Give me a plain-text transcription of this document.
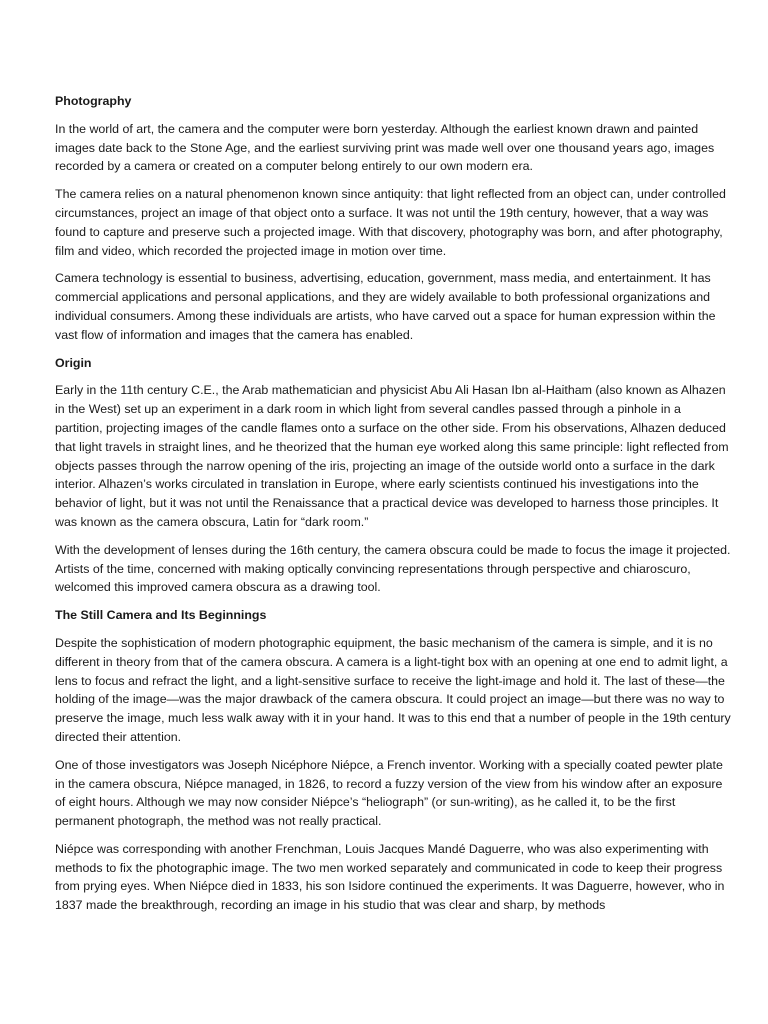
Photography

In the world of art, the camera and the computer were born yesterday. Although the earliest known drawn and painted images date back to the Stone Age, and the earliest surviving print was made well over one thousand years ago, images recorded by a camera or created on a computer belong entirely to our own modern era.

The camera relies on a natural phenomenon known since antiquity: that light reflected from an object can, under controlled circumstances, project an image of that object onto a surface. It was not until the 19th century, however, that a way was found to capture and preserve such a projected image. With that discovery, photography was born, and after photography, film and video, which recorded the projected image in motion over time.

Camera technology is essential to business, advertising, education, government, mass media, and entertainment. It has commercial applications and personal applications, and they are widely available to both professional organizations and individual consumers. Among these individuals are artists, who have carved out a space for human expression within the vast flow of information and images that the camera has enabled.

Origin

Early in the 11th century C.E., the Arab mathematician and physicist Abu Ali Hasan Ibn al-Haitham (also known as Alhazen in the West) set up an experiment in a dark room in which light from several candles passed through a pinhole in a partition, projecting images of the candle flames onto a surface on the other side. From his observations, Alhazen deduced that light travels in straight lines, and he theorized that the human eye worked along this same principle: light reflected from objects passes through the narrow opening of the iris, projecting an image of the outside world onto a surface in the dark interior. Alhazen’s works circulated in translation in Europe, where early scientists continued his investigations into the behavior of light, but it was not until the Renaissance that a practical device was developed to harness those principles. It was known as the camera obscura, Latin for “dark room.”

With the development of lenses during the 16th century, the camera obscura could be made to focus the image it projected. Artists of the time, concerned with making optically convincing representations through perspective and chiaroscuro, welcomed this improved camera obscura as a drawing tool.

The Still Camera and Its Beginnings

Despite the sophistication of modern photographic equipment, the basic mechanism of the camera is simple, and it is no different in theory from that of the camera obscura. A camera is a light-tight box with an opening at one end to admit light, a lens to focus and refract the light, and a light-sensitive surface to receive the light-image and hold it. The last of these—the holding of the image—was the major drawback of the camera obscura. It could project an image—but there was no way to preserve the image, much less walk away with it in your hand. It was to this end that a number of people in the 19th century directed their attention.

One of those investigators was Joseph Nicéphore Niépce, a French inventor. Working with a specially coated pewter plate in the camera obscura, Niépce managed, in 1826, to record a fuzzy version of the view from his window after an exposure of eight hours. Although we may now consider Niépce’s “heliograph” (or sun-writing), as he called it, to be the first permanent photograph, the method was not really practical.

Niépce was corresponding with another Frenchman, Louis Jacques Mandé Daguerre, who was also experimenting with methods to fix the photographic image. The two men worked separately and communicated in code to keep their progress from prying eyes. When Niépce died in 1833, his son Isidore continued the experiments. It was Daguerre, however, who in 1837 made the breakthrough, recording an image in his studio that was clear and sharp, by methods
